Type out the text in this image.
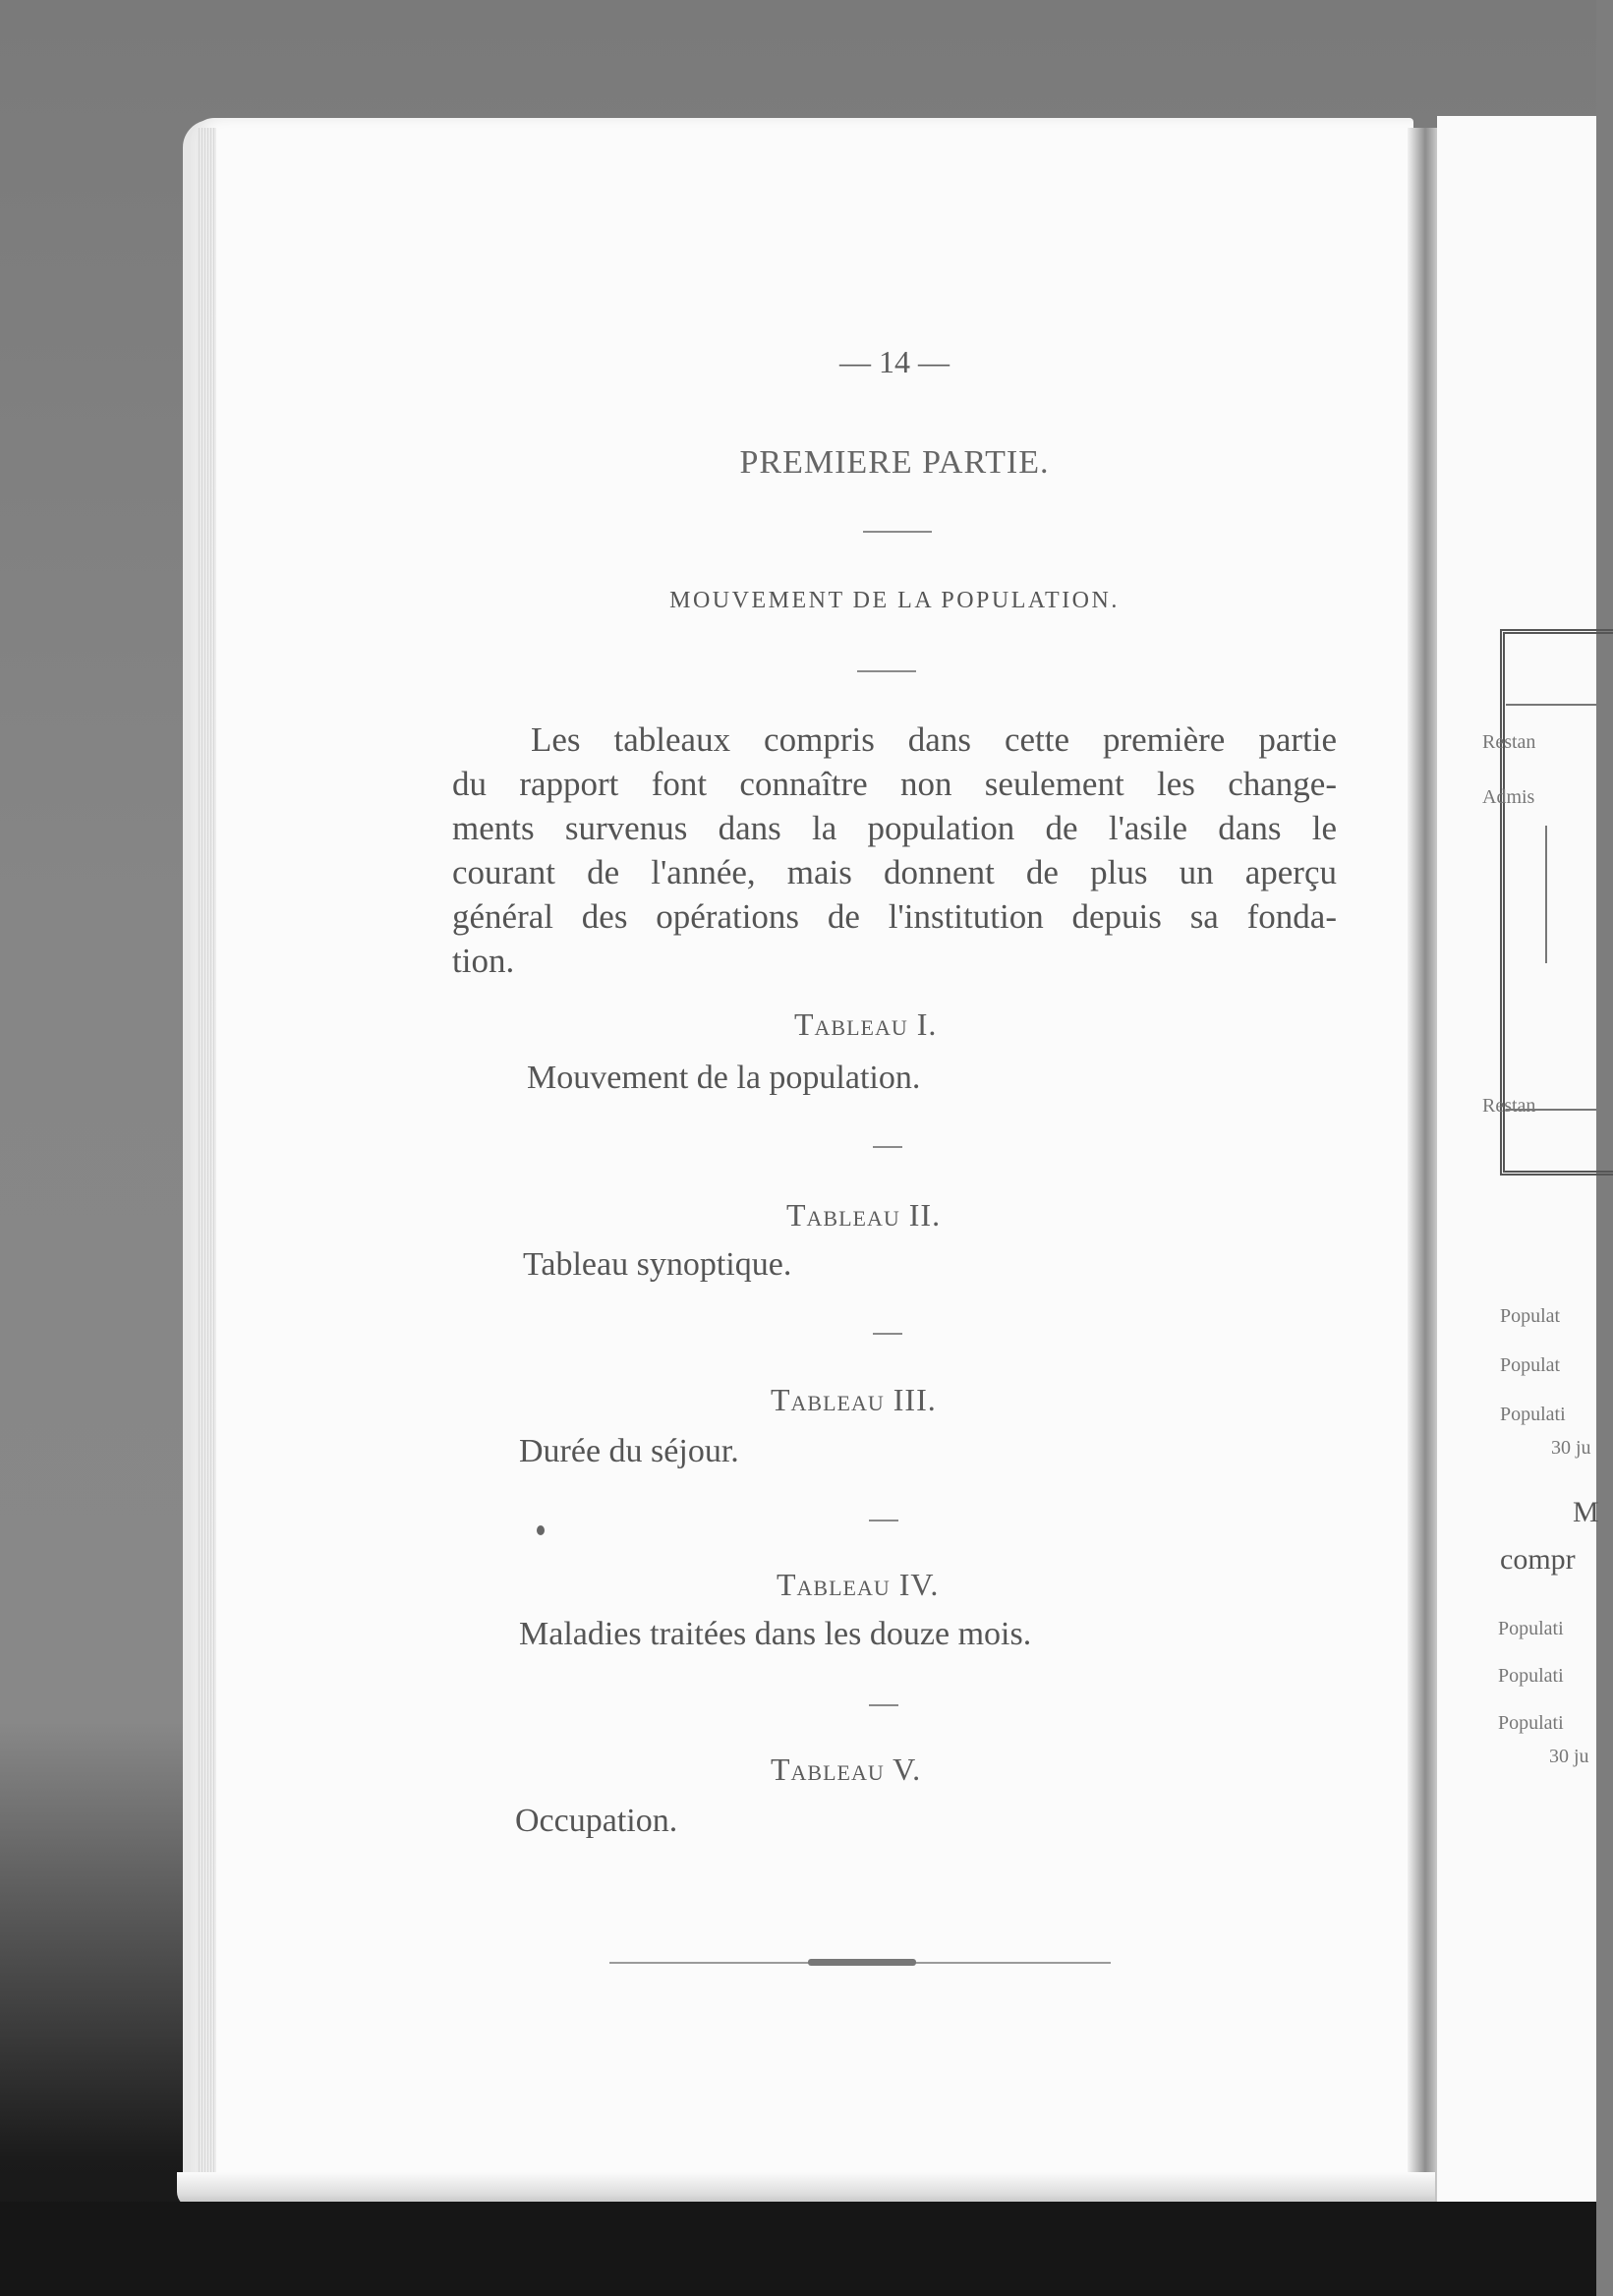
— 14 —
PREMIERE PARTIE.
MOUVEMENT DE LA POPULATION.
Les tableaux compris dans cette première partie
du rapport font connaître non seulement les change-
ments survenus dans la population de l'asile dans le
courant de l'année, mais donnent de plus un aperçu
général des opérations de l'institution depuis sa fonda-
tion.
Tableau I.
Mouvement de la population.
Tableau II.
Tableau synoptique.
Tableau III.
Durée du séjour.
Tableau IV.
Maladies traitées dans les douze mois.
Tableau V.
Occupation.
Restan
Admis
Restan
Populat
Populat
Populati
30 ju
M
compr
Populati
Populati
Populati
30 ju
